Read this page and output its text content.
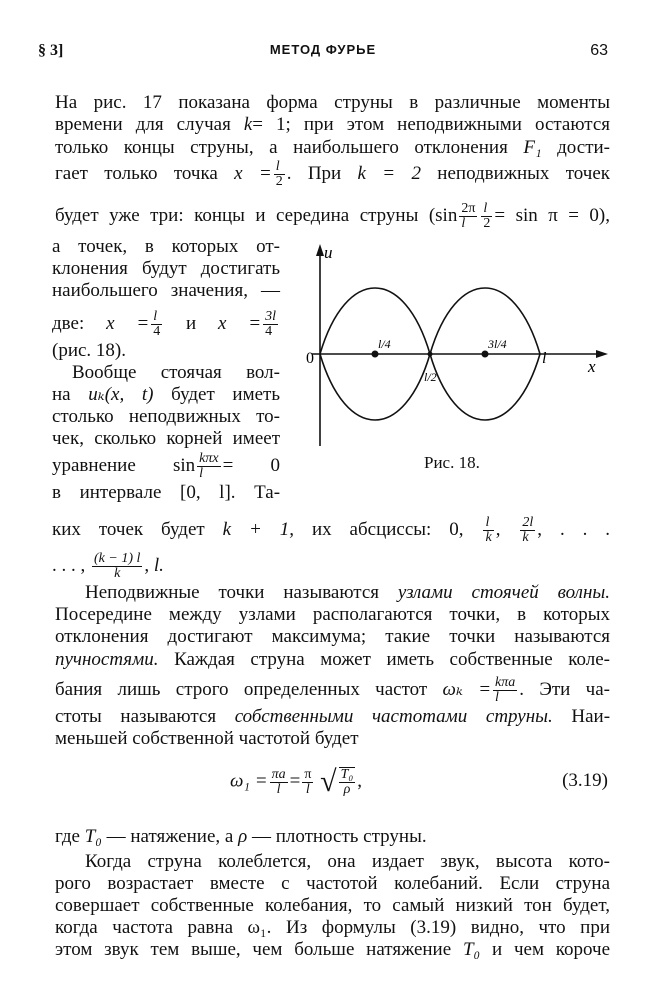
§ 3]	МЕТОД ФУРЬЕ	63
На рис. 17 показана форма струны в различные моменты
времени для случая k= 1; при этом неподвижными остаются
только концы струны, а наибольшего отклонения F₁ дости-
гает только точка $x = \frac{l}{2}$ . При k = 2 неподвижных точек
будет уже три: концы и середина струны $(\sin \frac{2\pi}{l} \frac{l}{2} = \sin \pi = 0)$,
а точек, в которых от-
клонения будут достигать
наибольшего значения, —
две: $x = \frac{l}{4}$ и $x = \frac{3l}{4}$
(рис. 18).
Вообще стоячая вол-
на uₖ(x, t) будет иметь
столько неподвижных то-
чек, сколько корней имеет
уравнение $\sin \frac{\text{kπx}}{l} = 0$
в интервале [0, l]. Та-
ких точек будет k + 1, их абсциссы: 0, $\frac{l}{k}$ , $\frac{2l}{k}$ , . . .
. . . , $\frac{(k - 1) l}{k}$ , l.
Неподвижные точки называются узлами стоячей волны.
Посередине между узлами располагаются точки, в которых
отклонения достигают максимума; такие точки называются
пучностями. Каждая струна может иметь собственные коле-
бания лишь строго определенных частот $\omega_k = \frac{\text{kπa}}{l}$ . Эти ча-
стоты называются собственными частотами струны. Наи-
меньшей собственной частотой будет
$\omega_1 = \frac{\pi a}{l} = \frac{\pi}{l}$ √ $\frac{\text{T₀}}{\rho}$ ,	(3.19)
где T₀ — натяжение, а ρ — плотность струны.
Когда струна колеблется, она издает звук, высота кото-
рого возрастает вместе с частотой колебаний. Если струна
совершает собственные колебания, то самый низкий тон будет,
когда частота равна ω₁. Из формулы (3.19) видно, что при
этом звук тем выше, чем больше натяжение T₀ и чем короче
u
x
0
l/4	3l/4
l/2
l
Рис. 18.
